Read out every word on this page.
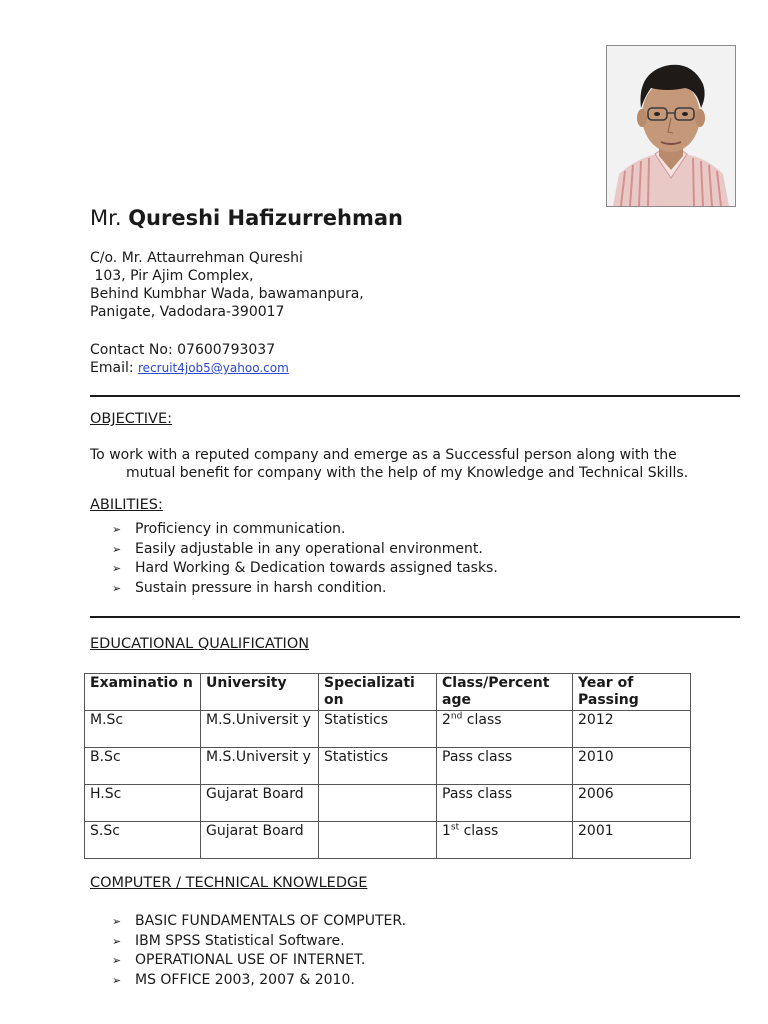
Mr. Qureshi Hafizurrehman
C/o. Mr. Attaurrehman Qureshi
103, Pir Ajim Complex,
Behind Kumbhar Wada, bawamanpura,
Panigate, Vadodara-390017
Contact No: 07600793037
Email: recruit4job5@yahoo.com
OBJECTIVE:
To work with a reputed company and emerge as a Successful person along with the
mutual benefit for company with the help of my Knowledge and Technical Skills.
ABILITIES:
➢ Proficiency in communication.
➢ Easily adjustable in any operational environment.
➢ Hard Working & Dedication towards assigned tasks.
➢ Sustain pressure in harsh condition.
EDUCATIONAL QUALIFICATION
Examinatio n	University	Specializati on	Class/Percent age	Year of Passing
M.Sc	M.S.Universit y	Statistics	2nd class	2012
B.Sc	M.S.Universit y	Statistics	Pass class	2010
H.Sc	Gujarat Board		Pass class	2006
S.Sc	Gujarat Board		1st class	2001
COMPUTER / TECHNICAL KNOWLEDGE
➢ BASIC FUNDAMENTALS OF COMPUTER.
➢ IBM SPSS Statistical Software.
➢ OPERATIONAL USE OF INTERNET.
➢ MS OFFICE 2003, 2007 & 2010.
